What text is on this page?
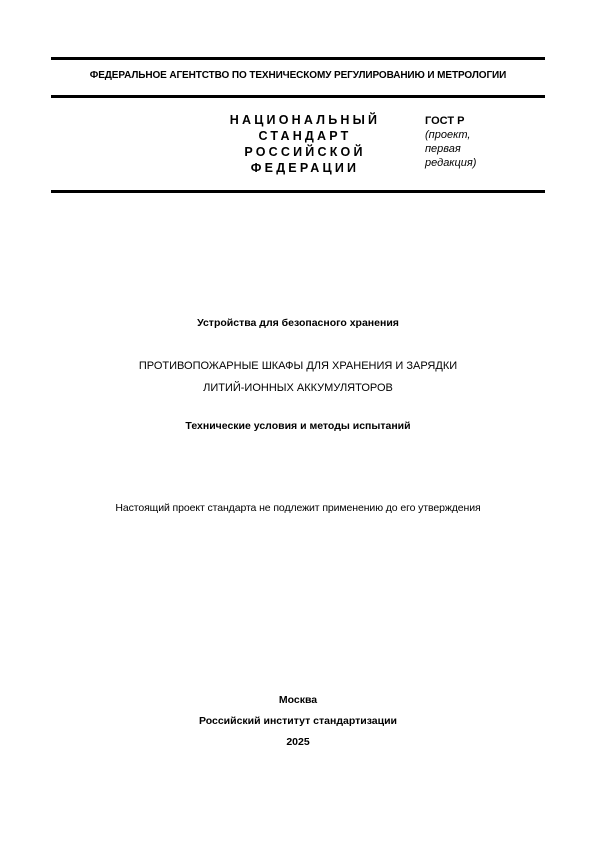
ФЕДЕРАЛЬНОЕ АГЕНТСТВО ПО ТЕХНИЧЕСКОМУ РЕГУЛИРОВАНИЮ И МЕТРОЛОГИИ
НАЦИОНАЛЬНЫЙ
СТАНДАРТ
РОССИЙСКОЙ
ФЕДЕРАЦИИ
ГОСТ Р
(проект,
первая
редакция)
Устройства для безопасного хранения
ПРОТИВОПОЖАРНЫЕ ШКАФЫ ДЛЯ ХРАНЕНИЯ И ЗАРЯДКИ
ЛИТИЙ-ИОННЫХ АККУМУЛЯТОРОВ
Технические условия и методы испытаний
Настоящий проект стандарта не подлежит применению до его утверждения
Москва
Российский институт стандартизации
2025
